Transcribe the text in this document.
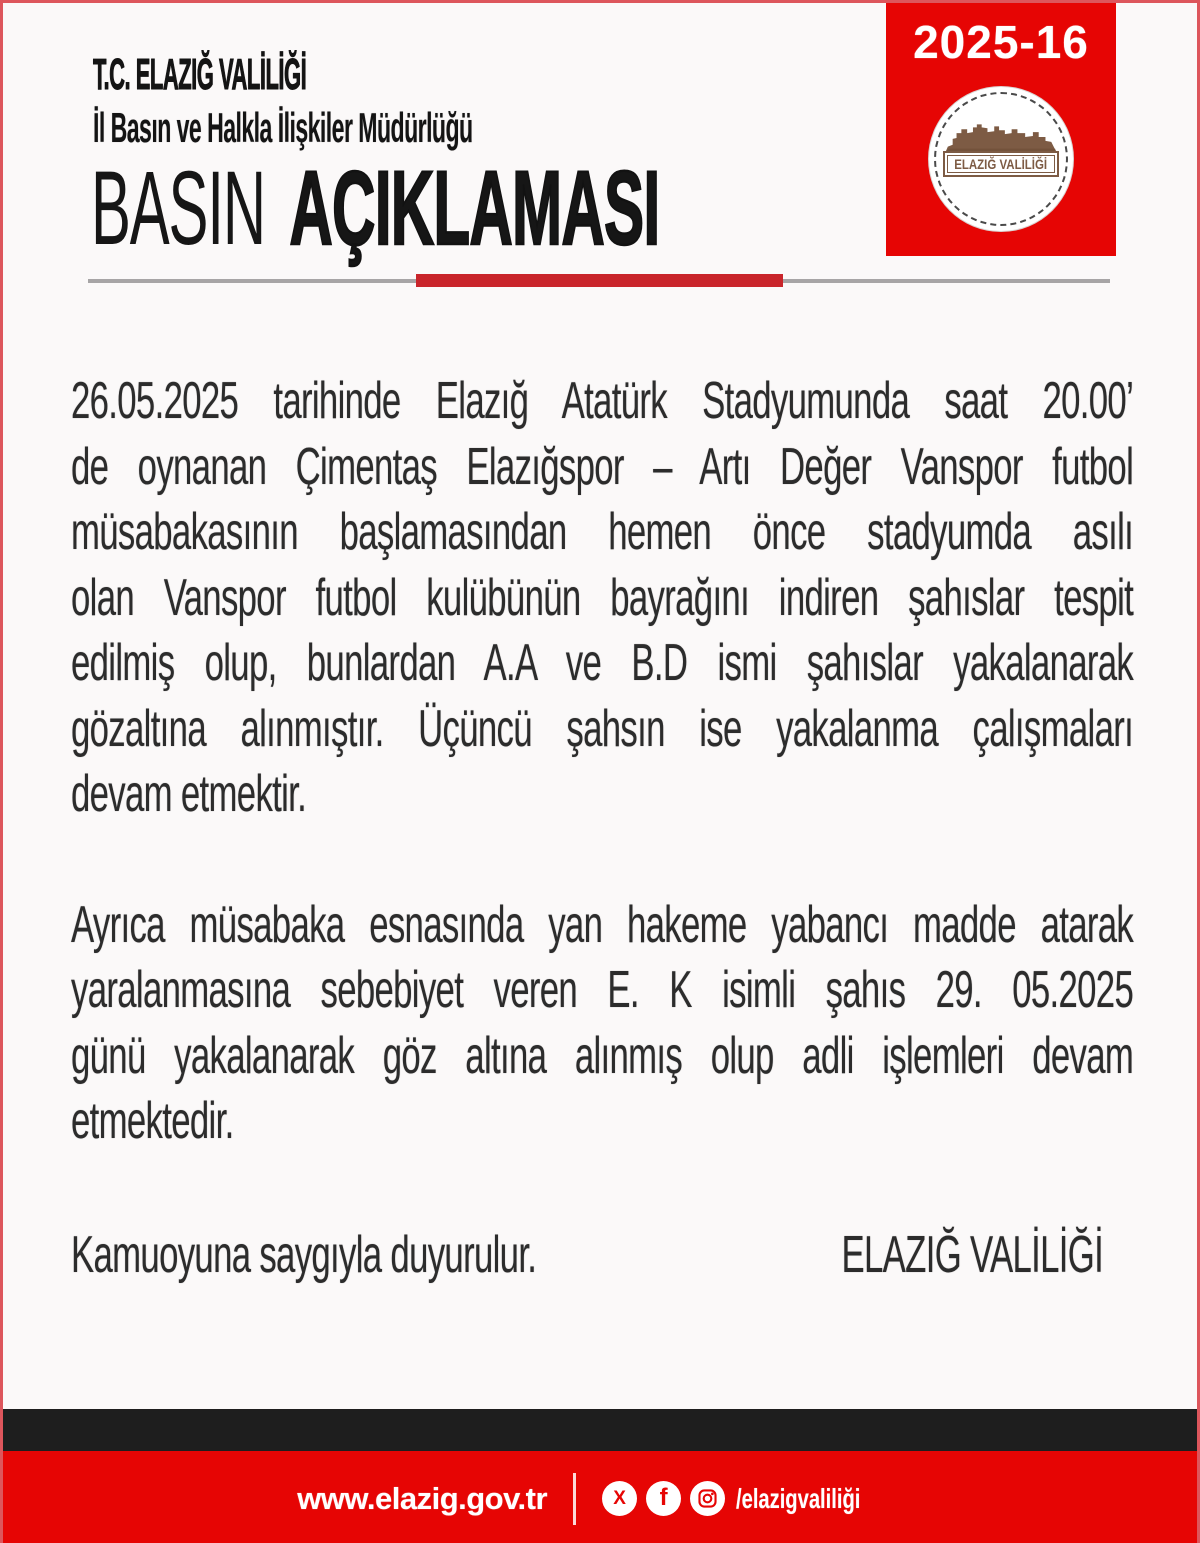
T.C. ELAZIĞ VALİLİĞİ
İl Basın ve Halkla İlişkiler Müdürlüğü
BASIN AÇIKLAMASI
2025-16
ELAZIĞ VALİLİĞİ
26.05.2025 tarihinde Elazığ Atatürk Stadyumunda saat 20.00’
de oynanan Çimentaş Elazığspor – Artı Değer Vanspor futbol
müsabakasının başlamasından hemen önce stadyumda asılı
olan Vanspor futbol kulübünün bayrağını indiren şahıslar tespit
edilmiş olup, bunlardan A.A ve B.D ismi şahıslar yakalanarak
gözaltına alınmıştır. Üçüncü şahsın ise yakalanma çalışmaları
devam etmektir.
Ayrıca müsabaka esnasında yan hakeme yabancı madde atarak
yaralanmasına sebebiyet veren E. K isimli şahıs 29. 05.2025
günü yakalanarak göz altına alınmış olup adli işlemleri devam
etmektedir.
Kamuoyuna saygıyla duyurulur.	ELAZIĞ VALİLİĞİ
www.elazig.gov.tr	X f /elazigvaliliği
